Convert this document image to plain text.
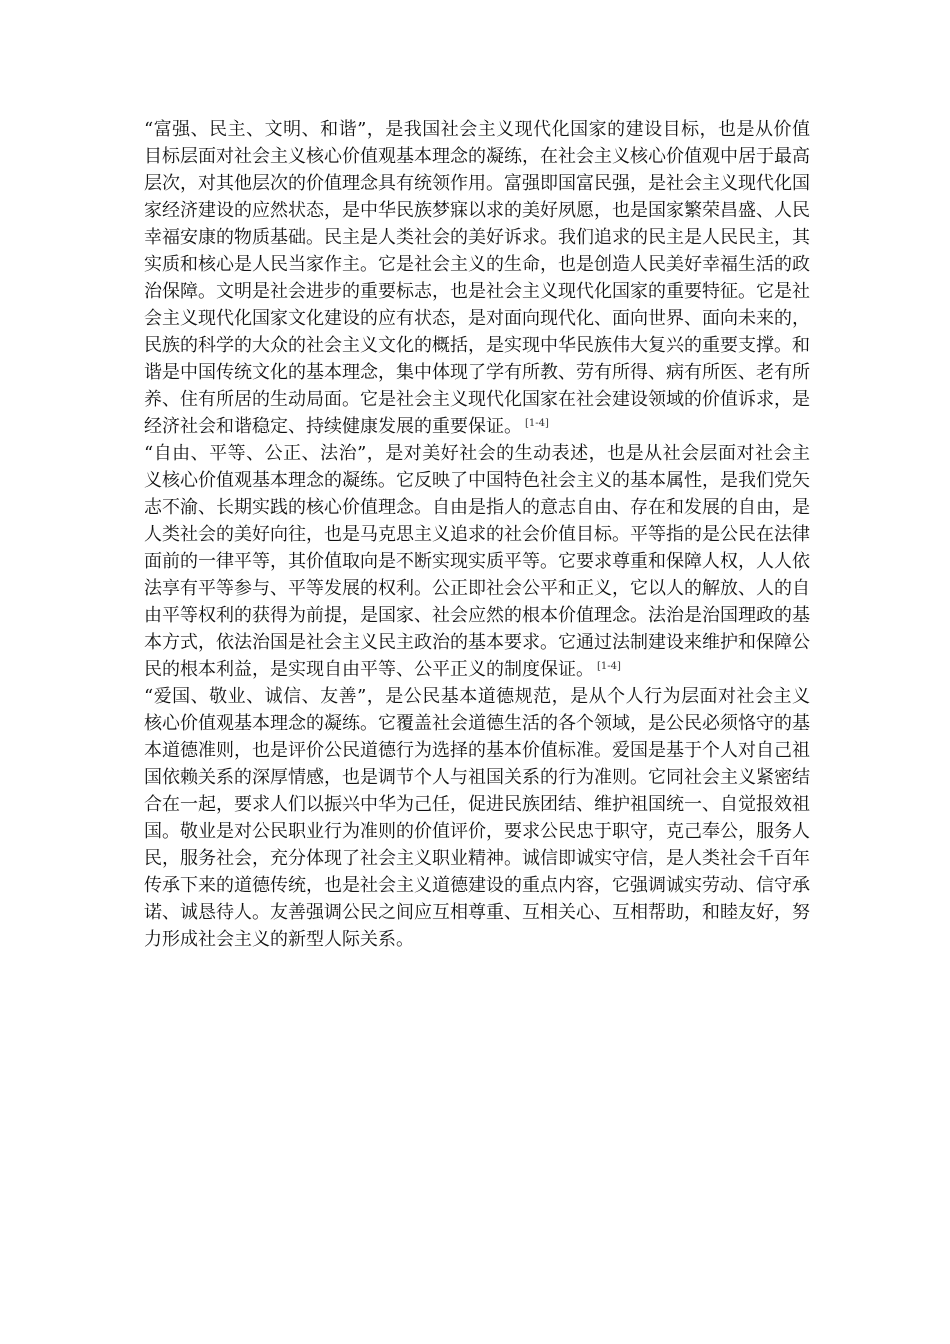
“富强、民主、文明、和谐”，是我国社会主义现代化国家的建设目标，也是从价值目标层面对社会主义核心价值观基本理念的凝练，在社会主义核心价值观中居于最高层次，对其他层次的价值理念具有统领作用。富强即国富民强，是社会主义现代化国家经济建设的应然状态，是中华民族梦寐以求的美好夙愿，也是国家繁荣昌盛、人民幸福安康的物质基础。民主是人类社会的美好诉求。我们追求的民主是人民民主，其实质和核心是人民当家作主。它是社会主义的生命，也是创造人民美好幸福生活的政治保障。文明是社会进步的重要标志，也是社会主义现代化国家的重要特征。它是社会主义现代化国家文化建设的应有状态，是对面向现代化、面向世界、面向未来的，民族的科学的大众的社会主义文化的概括，是实现中华民族伟大复兴的重要支撑。和谐是中国传统文化的基本理念，集中体现了学有所教、劳有所得、病有所医、老有所养、住有所居的生动局面。它是社会主义现代化国家在社会建设领域的价值诉求，是经济社会和谐稳定、持续健康发展的重要保证。 [1-4]

“自由、平等、公正、法治”，是对美好社会的生动表述，也是从社会层面对社会主义核心价值观基本理念的凝练。它反映了中国特色社会主义的基本属性，是我们党矢志不渝、长期实践的核心价值理念。自由是指人的意志自由、存在和发展的自由，是人类社会的美好向往，也是马克思主义追求的社会价值目标。平等指的是公民在法律面前的一律平等，其价值取向是不断实现实质平等。它要求尊重和保障人权，人人依法享有平等参与、平等发展的权利。公正即社会公平和正义，它以人的解放、人的自由平等权利的获得为前提，是国家、社会应然的根本价值理念。法治是治国理政的基本方式，依法治国是社会主义民主政治的基本要求。它通过法制建设来维护和保障公民的根本利益，是实现自由平等、公平正义的制度保证。 [1-4]

“爱国、敬业、诚信、友善”，是公民基本道德规范，是从个人行为层面对社会主义核心价值观基本理念的凝练。它覆盖社会道德生活的各个领域，是公民必须恪守的基本道德准则，也是评价公民道德行为选择的基本价值标准。爱国是基于个人对自己祖国依赖关系的深厚情感，也是调节个人与祖国关系的行为准则。它同社会主义紧密结合在一起，要求人们以振兴中华为己任，促进民族团结、维护祖国统一、自觉报效祖国。敬业是对公民职业行为准则的价值评价，要求公民忠于职守，克己奉公，服务人民，服务社会，充分体现了社会主义职业精神。诚信即诚实守信，是人类社会千百年传承下来的道德传统，也是社会主义道德建设的重点内容，它强调诚实劳动、信守承诺、诚恳待人。友善强调公民之间应互相尊重、互相关心、互相帮助，和睦友好，努力形成社会主义的新型人际关系。
